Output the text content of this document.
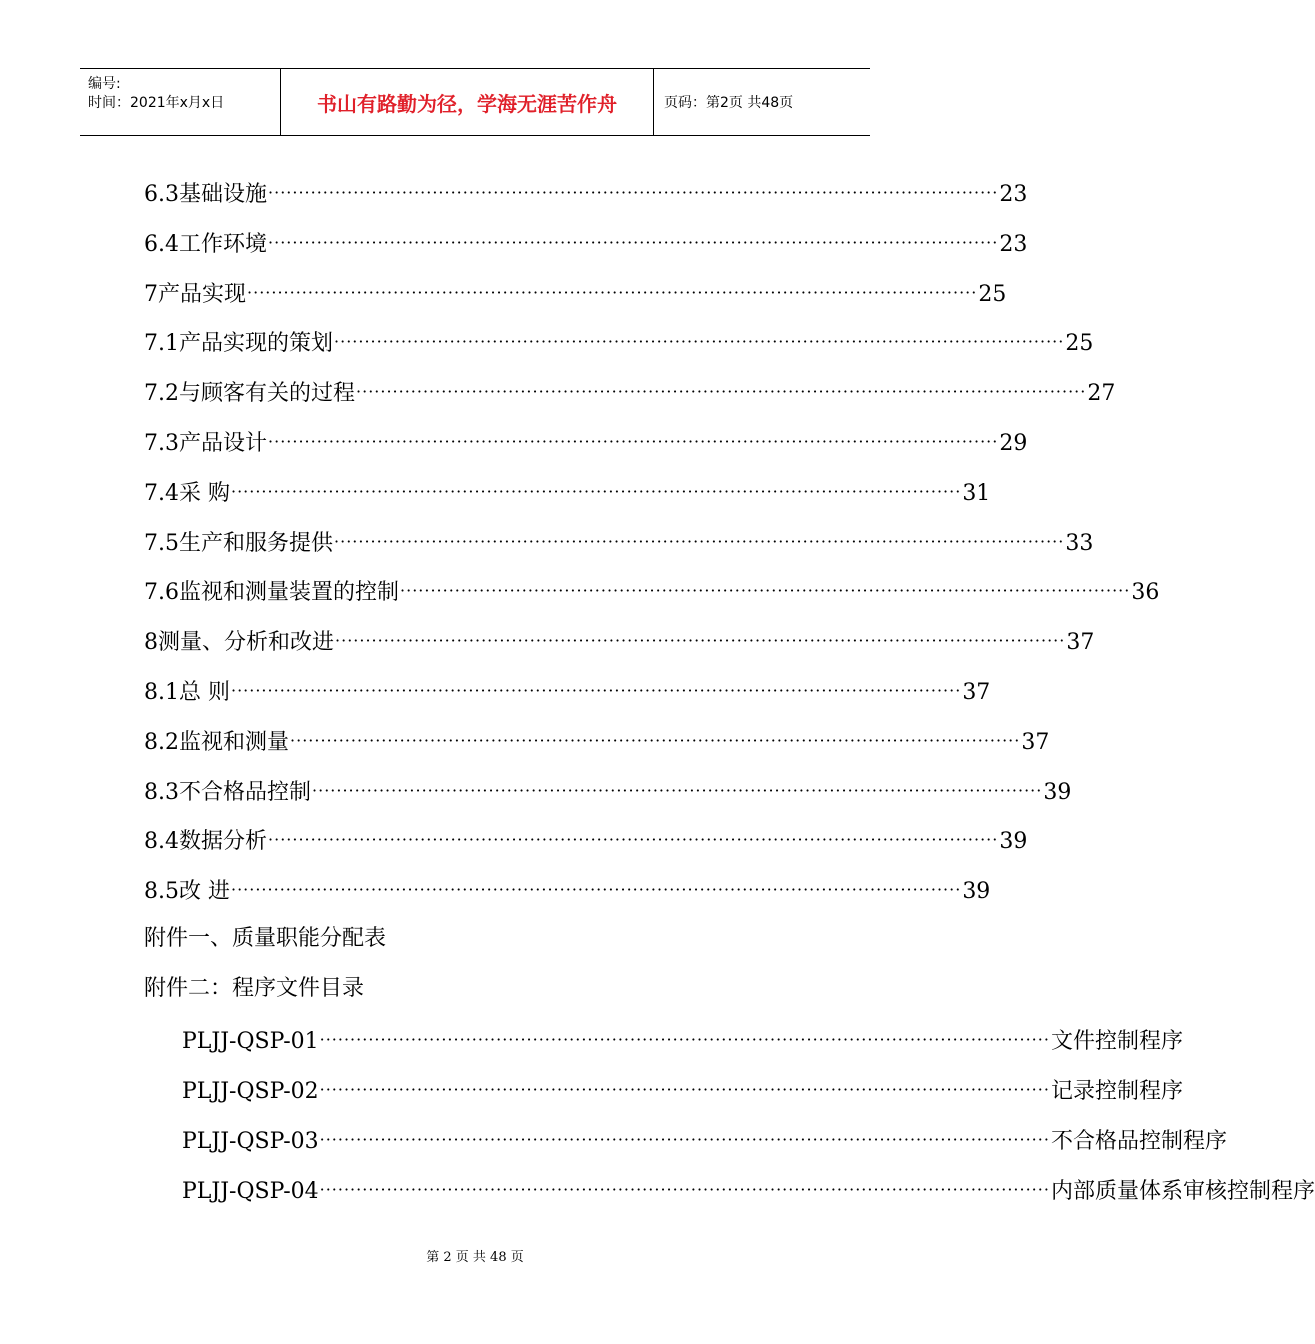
编号:
时间：2021年x月x日	书山有路勤为径，学海无涯苦作舟	页码：第2页 共48页
6.3 基础设施 ························································································································ 23
6.4 工作环境 ························································································································ 23
7 产品实现 ························································································································ 25
7.1 产品实现的策划 ························································································································ 25
7.2 与顾客有关的过程 ························································································································ 27
7.3 产品设计 ························································································································ 29
7.4 采 购 ························································································································ 31
7.5 生产和服务提供 ························································································································ 33
7.6 监视和测量装置的控制 ························································································································ 36
8 测量、分析和改进 ························································································································ 37
8.1 总 则 ························································································································ 37
8.2 监视和测量 ························································································································ 37
8.3 不合格品控制 ························································································································ 39
8.4 数据分析 ························································································································ 39
8.5 改 进 ························································································································ 39
附件一、质量职能分配表
附件二：程序文件目录
PLJJ-QSP-01 ························································································································ 文件控制程序
PLJJ-QSP-02 ························································································································ 记录控制程序
PLJJ-QSP-03 ························································································································ 不合格品控制程序
PLJJ-QSP-04 ························································································································ 内部质量体系审核控制程序
第 2 页 共 48 页
